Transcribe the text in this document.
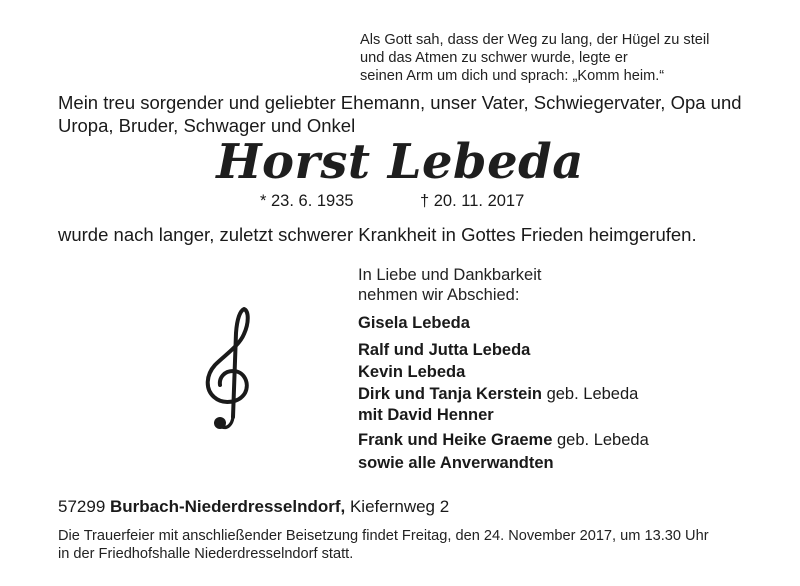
Als Gott sah, dass der Weg zu lang, der Hügel zu steil
und das Atmen zu schwer wurde, legte er
seinen Arm um dich und sprach: „Komm heim.“
Mein treu sorgender und geliebter Ehemann, unser Vater, Schwiegervater, Opa und
Uropa, Bruder, Schwager und Onkel
Horst Lebeda
* 23. 6. 1935	† 20. 11. 2017
wurde nach langer, zuletzt schwerer Krankheit in Gottes Frieden heimgerufen.
In Liebe und Dankbarkeit
nehmen wir Abschied:
Gisela Lebeda
Ralf und Jutta Lebeda
Kevin Lebeda
Dirk und Tanja Kerstein geb. Lebeda
mit David Henner
Frank und Heike Graeme geb. Lebeda
sowie alle Anverwandten
57299 Burbach-Niederdresselndorf, Kiefernweg 2
Die Trauerfeier mit anschließender Beisetzung findet Freitag, den 24. November 2017, um 13.30 Uhr
in der Friedhofshalle Niederdresselndorf statt.
